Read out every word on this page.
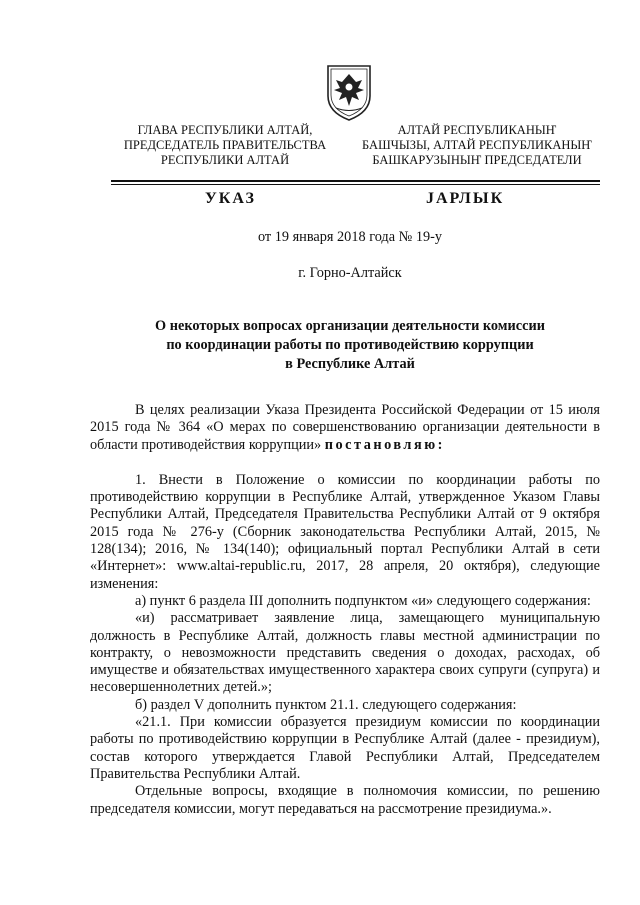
ГЛАВА РЕСПУБЛИКИ АЛТАЙ,
ПРЕДСЕДАТЕЛЬ ПРАВИТЕЛЬСТВА
РЕСПУБЛИКИ АЛТАЙ
АЛТАЙ РЕСПУБЛИКАНЫҤ
БАШЧЫЗЫ, АЛТАЙ РЕСПУБЛИКАНЫҤ
БАШКАРУЗЫНЫҤ ПРЕДСЕДАТЕЛИ
УКАЗ	JАРЛЫК
от 19 января 2018 года № 19-у
г. Горно-Алтайск
О некоторых вопросах организации деятельности комиссии
по координации работы по противодействию коррупции
в Республике Алтай
В целях реализации Указа Президента Российской Федерации от 15 июля 2015 года № 364 «О мерах по совершенствованию организации деятельности в области противодействия коррупции» постановляю:
1. Внести в Положение о комиссии по координации работы по противодействию коррупции в Республике Алтай, утвержденное Указом Главы Республики Алтай, Председателя Правительства Республики Алтай от 9 октября 2015 года № 276-у (Сборник законодательства Республики Алтай, 2015, № 128(134); 2016, № 134(140); официальный портал Республики Алтай в сети «Интернет»: www.altai-republic.ru, 2017, 28 апреля, 20 октября), следующие изменения:
а) пункт 6 раздела III дополнить подпунктом «и» следующего содержания:
«и) рассматривает заявление лица, замещающего муниципальную должность в Республике Алтай, должность главы местной администрации по контракту, о невозможности представить сведения о доходах, расходах, об имуществе и обязательствах имущественного характера своих супруги (супруга) и несовершеннолетних детей.»;
б) раздел V дополнить пунктом 21.1. следующего содержания:
«21.1. При комиссии образуется президиум комиссии по координации работы по противодействию коррупции в Республике Алтай (далее - президиум), состав которого утверждается Главой Республики Алтай, Председателем Правительства Республики Алтай.
Отдельные вопросы, входящие в полномочия комиссии, по решению председателя комиссии, могут передаваться на рассмотрение президиума.».
